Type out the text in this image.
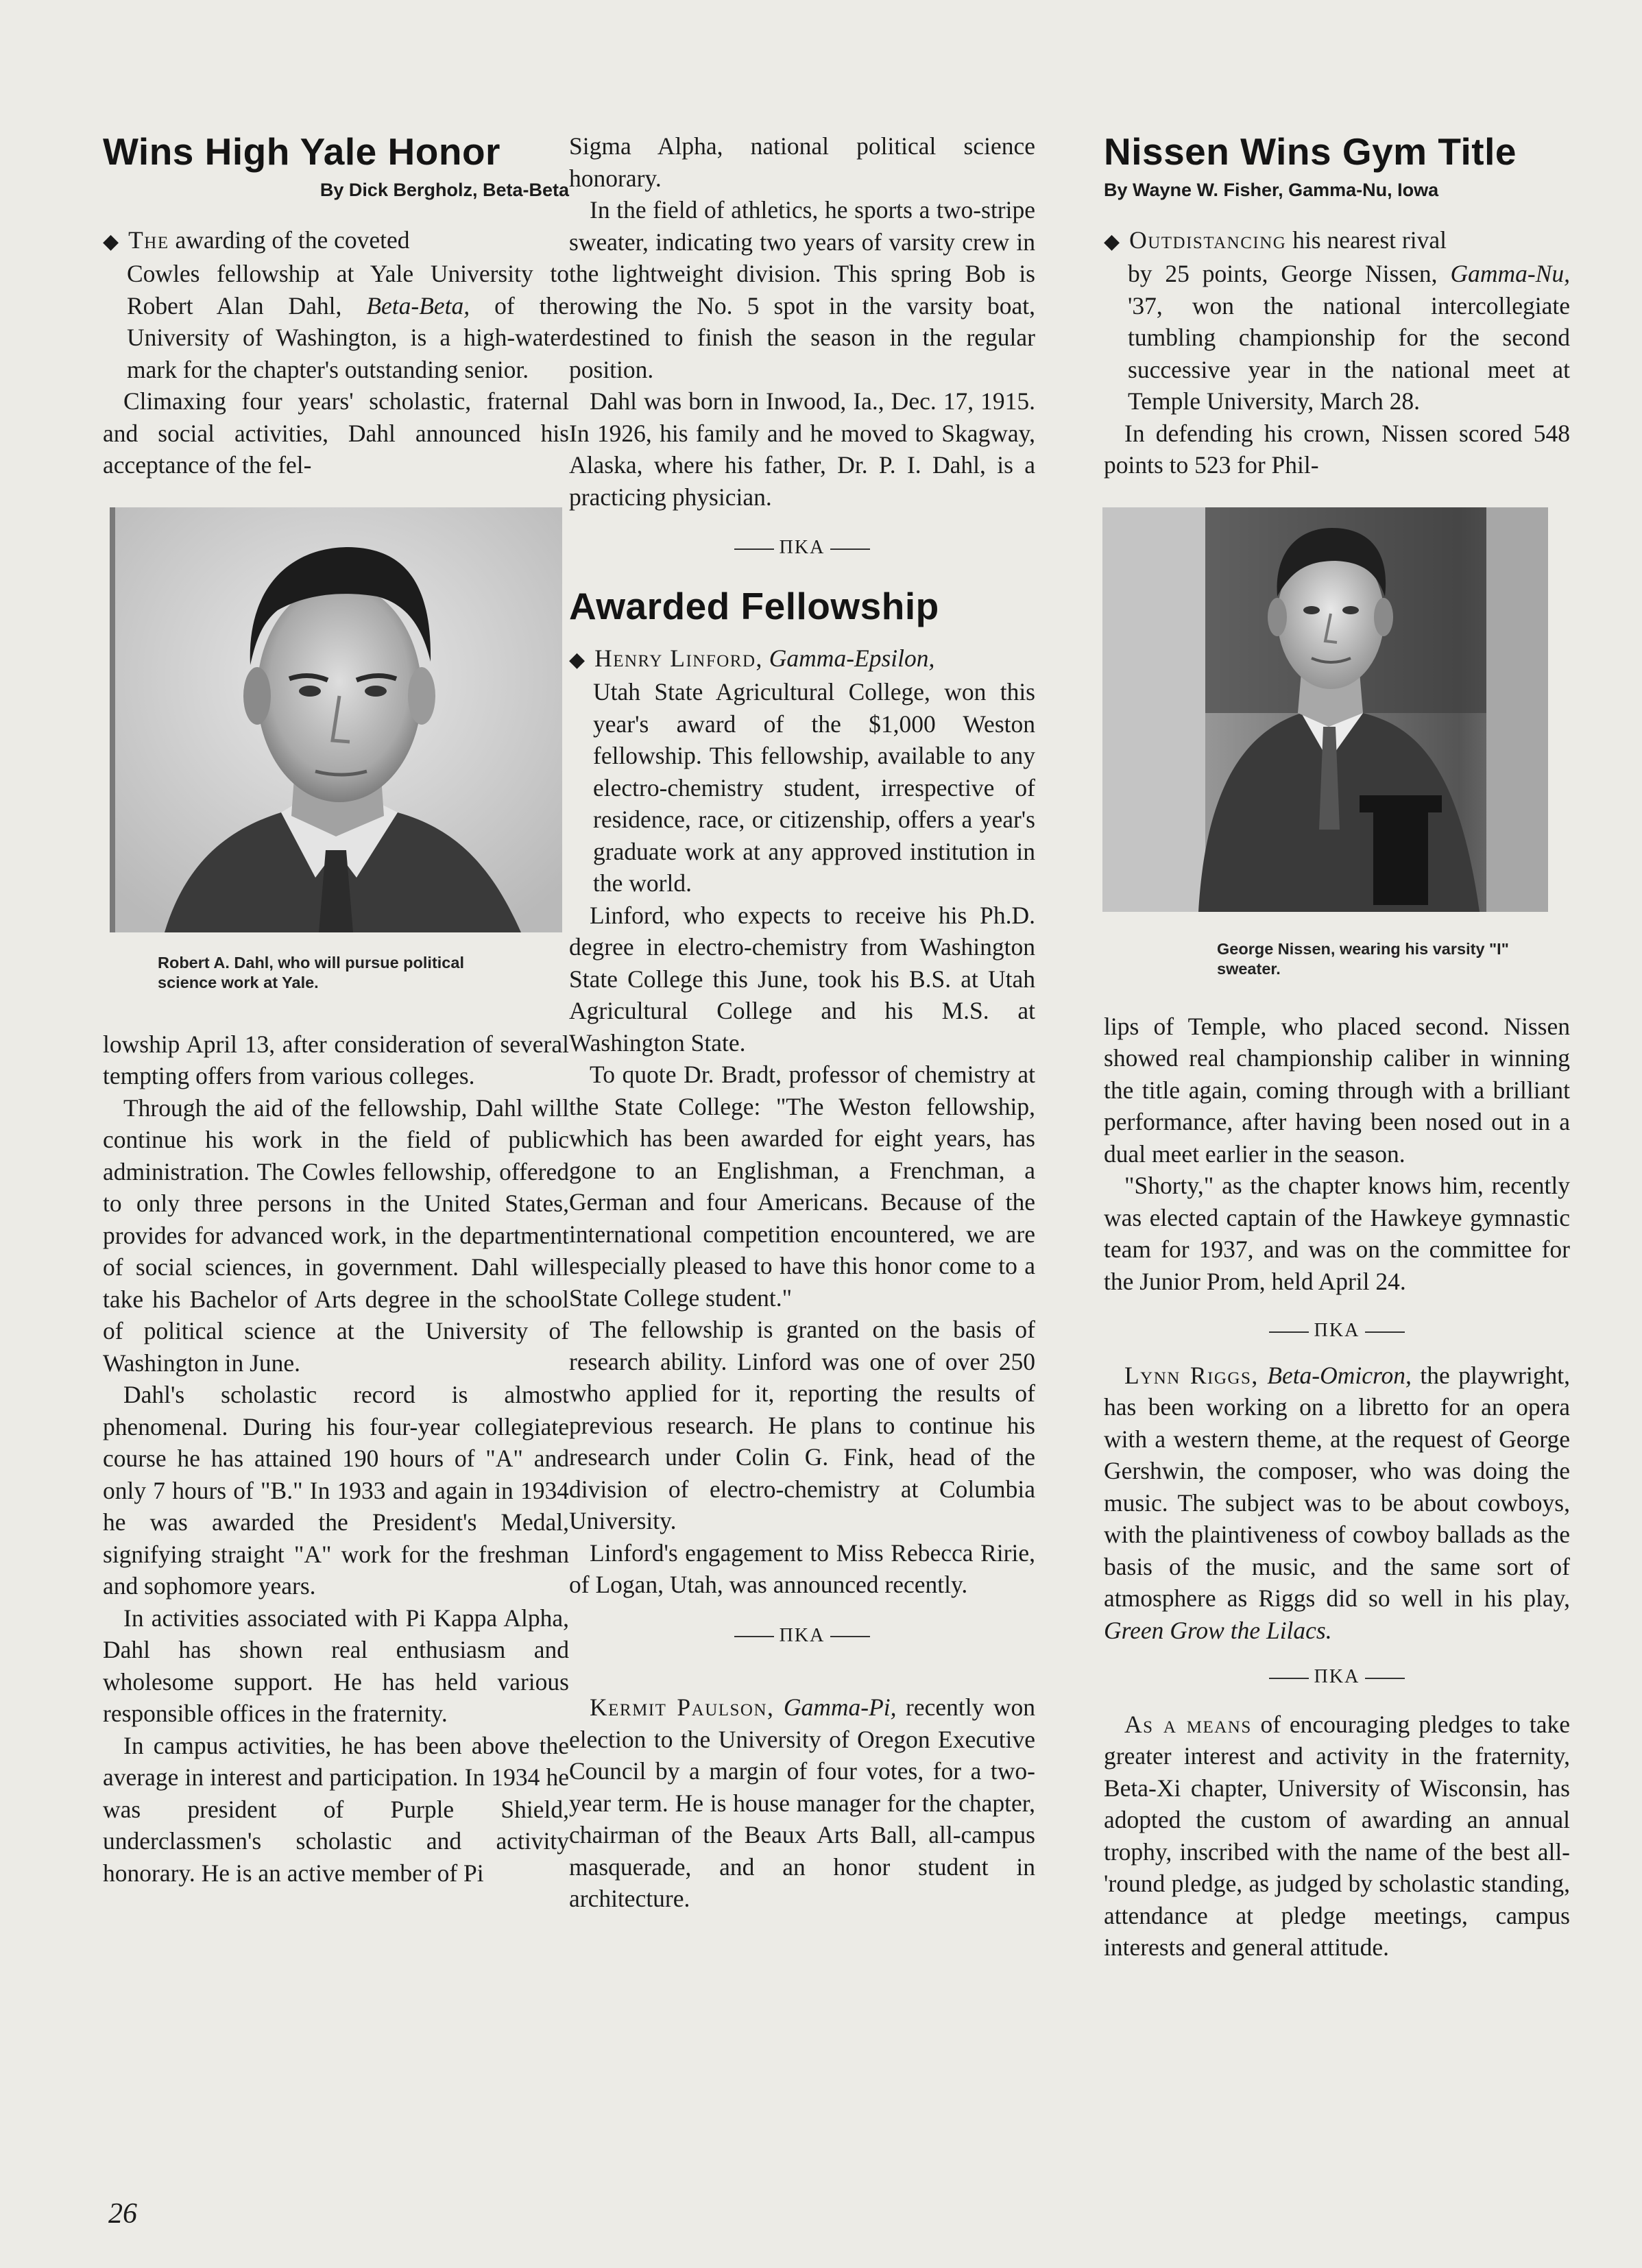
Wins High Yale Honor
By Dick Bergholz, Beta-Beta

◆ The awarding of the coveted
Cowles fellowship at Yale University to Robert Alan Dahl, Beta-Beta, of the University of Washington, is a high-water mark for the chapter's outstanding senior.

Climaxing four years' scholastic, fraternal and social activities, Dahl announced his acceptance of the fel-

Robert A. Dahl, who will pursue political science work at Yale.

lowship April 13, after consideration of several tempting offers from various colleges.

Through the aid of the fellowship, Dahl will continue his work in the field of public administration. The Cowles fellowship, offered to only three persons in the United States, provides for advanced work, in the department of social sciences, in government. Dahl will take his Bachelor of Arts degree in the school of political science at the University of Washington in June.

Dahl's scholastic record is almost phenomenal. During his four-year collegiate course he has attained 190 hours of "A" and only 7 hours of "B." In 1933 and again in 1934 he was awarded the President's Medal, signifying straight "A" work for the freshman and sophomore years.

In activities associated with Pi Kappa Alpha, Dahl has shown real enthusiasm and wholesome support. He has held various responsible offices in the fraternity.

In campus activities, he has been above the average in interest and participation. In 1934 he was president of Purple Shield, underclassmen's scholastic and activity honorary. He is an active member of Pi

Sigma Alpha, national political science honorary.

In the field of athletics, he sports a two-stripe sweater, indicating two years of varsity crew in the lightweight division. This spring Bob is rowing the No. 5 spot in the varsity boat, destined to finish the season in the regular position.

Dahl was born in Inwood, Ia., Dec. 17, 1915. In 1926, his family and he moved to Skagway, Alaska, where his father, Dr. P. I. Dahl, is a practicing physician.

ΠKA
Awarded Fellowship

◆ Henry Linford, Gamma-Epsilon,
Utah State Agricultural College, won this year's award of the $1,000 Weston fellowship. This fellowship, available to any electro-chemistry student, irrespective of residence, race, or citizenship, offers a year's graduate work at any approved institution in the world.

Linford, who expects to receive his Ph.D. degree in electro-chemistry from Washington State College this June, took his B.S. at Utah Agricultural College and his M.S. at Washington State.

To quote Dr. Bradt, professor of chemistry at the State College: "The Weston fellowship, which has been awarded for eight years, has gone to an Englishman, a Frenchman, a German and four Americans. Because of the international competition encountered, we are especially pleased to have this honor come to a State College student."

The fellowship is granted on the basis of research ability. Linford was one of over 250 who applied for it, reporting the results of previous research. He plans to continue his research under Colin G. Fink, head of the division of electro-chemistry at Columbia University.

Linford's engagement to Miss Rebecca Ririe, of Logan, Utah, was announced recently.

ΠKA

Kermit Paulson, Gamma-Pi, recently won election to the University of Oregon Executive Council by a margin of four votes, for a two-year term. He is house manager for the chapter, chairman of the Beaux Arts Ball, all-campus masquerade, and an honor student in architecture.

Nissen Wins Gym Title
By Wayne W. Fisher, Gamma-Nu, Iowa

◆ Outdistancing his nearest rival
by 25 points, George Nissen, Gamma-Nu, '37, won the national intercollegiate tumbling championship for the second successive year in the national meet at Temple University, March 28.

In defending his crown, Nissen scored 548 points to 523 for Phil-

George Nissen, wearing his varsity "I" sweater.

lips of Temple, who placed second. Nissen showed real championship caliber in winning the title again, coming through with a brilliant performance, after having been nosed out in a dual meet earlier in the season.

"Shorty," as the chapter knows him, recently was elected captain of the Hawkeye gymnastic team for 1937, and was on the committee for the Junior Prom, held April 24.

ΠKA

Lynn Riggs, Beta-Omicron, the playwright, has been working on a libretto for an opera with a western theme, at the request of George Gershwin, the composer, who was doing the music. The subject was to be about cowboys, with the plaintiveness of cowboy ballads as the basis of the music, and the same sort of atmosphere as Riggs did so well in his play, Green Grow the Lilacs.

ΠKA

As a means of encouraging pledges to take greater interest and activity in the fraternity, Beta-Xi chapter, University of Wisconsin, has adopted the custom of awarding an annual trophy, inscribed with the name of the best all-'round pledge, as judged by scholastic standing, attendance at pledge meetings, campus interests and general attitude.

26
